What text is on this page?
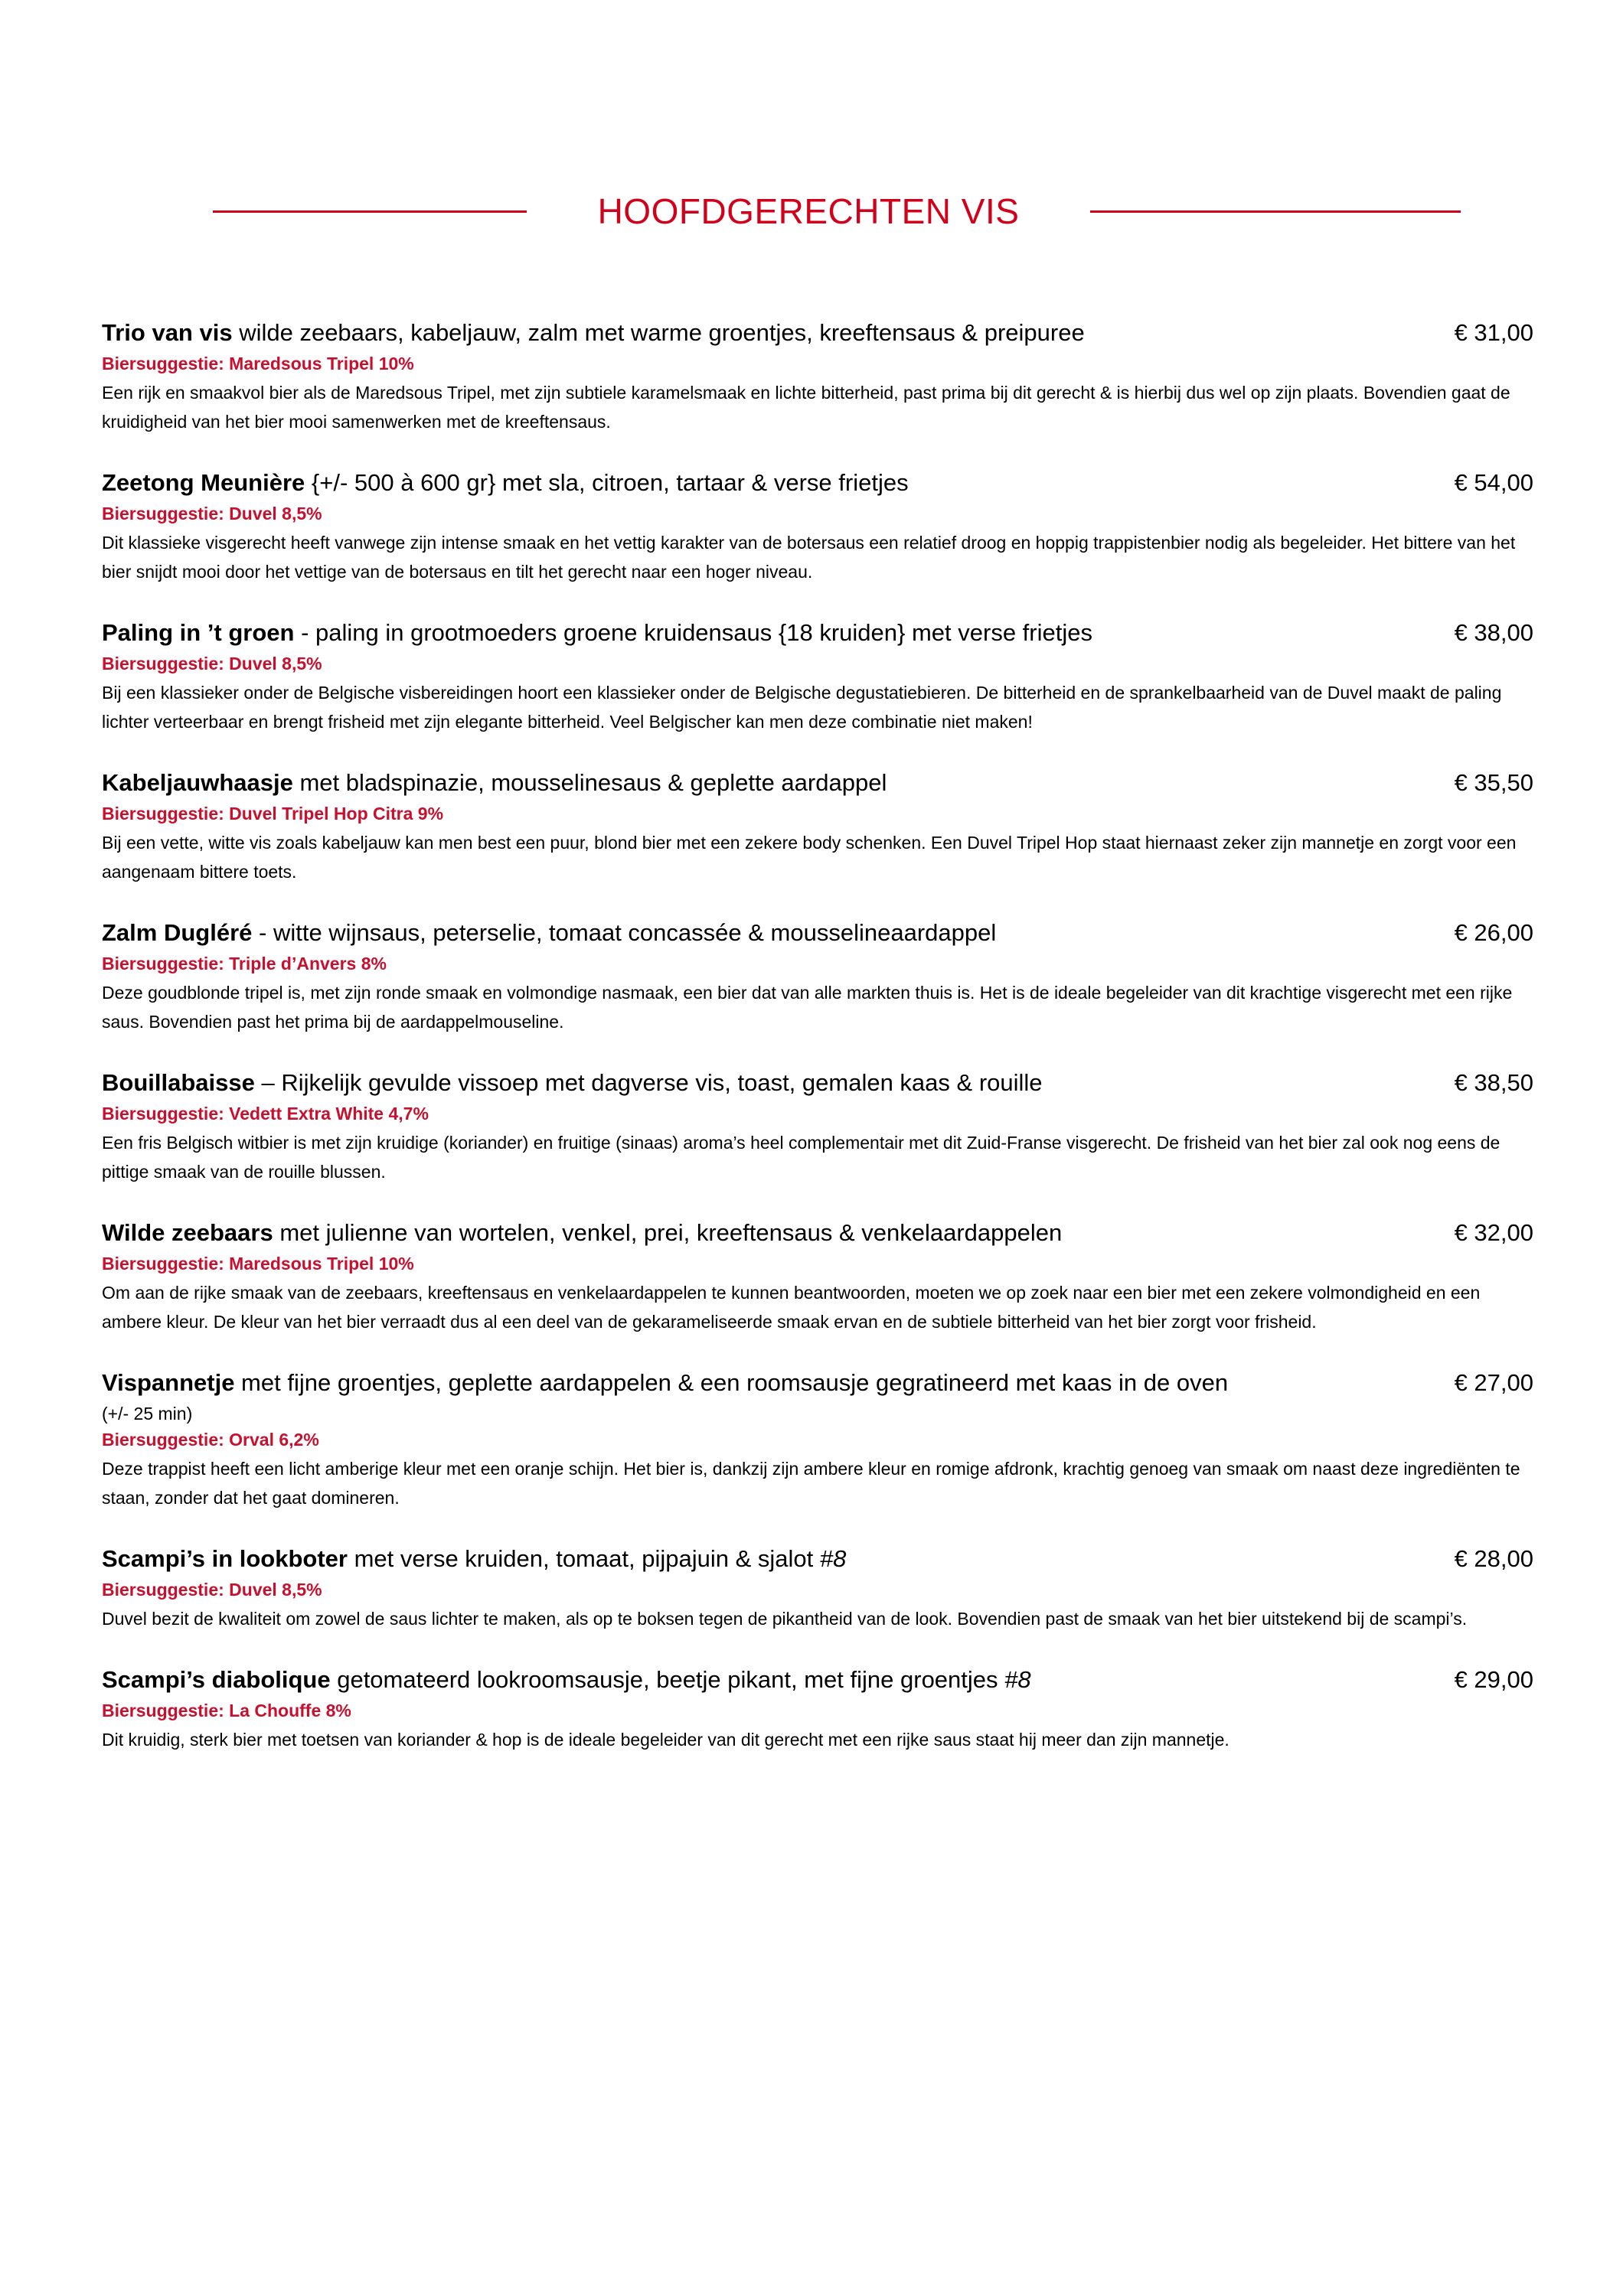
HOOFDGERECHTEN VIS
Trio van vis wilde zeebaars, kabeljauw, zalm met warme groentjes, kreeftensaus & preipuree	€ 31,00
Biersuggestie: Maredsous Tripel 10%
Een rijk en smaakvol bier als de Maredsous Tripel, met zijn subtiele karamelsmaak en lichte bitterheid, past prima bij dit gerecht & is hierbij dus wel op zijn plaats. Bovendien gaat de kruidigheid van het bier mooi samenwerken met de kreeftensaus.
Zeetong Meunière {+/- 500 à 600 gr} met sla, citroen, tartaar & verse frietjes	€ 54,00
Biersuggestie: Duvel 8,5%
Dit klassieke visgerecht heeft vanwege zijn intense smaak en het vettig karakter van de botersaus een relatief droog en hoppig trappistenbier nodig als begeleider. Het bittere van het bier snijdt mooi door het vettige van de botersaus en tilt het gerecht naar een hoger niveau.
Paling in ’t groen - paling in grootmoeders groene kruidensaus {18 kruiden} met verse frietjes	€ 38,00
Biersuggestie: Duvel 8,5%
Bij een klassieker onder de Belgische visbereidingen hoort een klassieker onder de Belgische degustatiebieren. De bitterheid en de sprankelbaarheid van de Duvel maakt de paling lichter verteerbaar en brengt frisheid met zijn elegante bitterheid. Veel Belgischer kan men deze combinatie niet maken!
Kabeljauwhaasje met bladspinazie, mousselinesaus & geplette aardappel	€ 35,50
Biersuggestie: Duvel Tripel Hop Citra 9%
Bij een vette, witte vis zoals kabeljauw kan men best een puur, blond bier met een zekere body schenken. Een Duvel Tripel Hop staat hiernaast zeker zijn mannetje en zorgt voor een aangenaam bittere toets.
Zalm Dugléré - witte wijnsaus, peterselie, tomaat concassée & mousselineaardappel	€ 26,00
Biersuggestie: Triple d’Anvers 8%
Deze goudblonde tripel is, met zijn ronde smaak en volmondige nasmaak, een bier dat van alle markten thuis is. Het is de ideale begeleider van dit krachtige visgerecht met een rijke saus. Bovendien past het prima bij de aardappelmouseline.
Bouillabaisse – Rijkelijk gevulde vissoep met dagverse vis, toast, gemalen kaas & rouille	€ 38,50
Biersuggestie: Vedett Extra White 4,7%
Een fris Belgisch witbier is met zijn kruidige (koriander) en fruitige (sinaas) aroma’s heel complementair met dit Zuid-Franse visgerecht. De frisheid van het bier zal ook nog eens de pittige smaak van de rouille blussen.
Wilde zeebaars met julienne van wortelen, venkel, prei, kreeftensaus & venkelaardappelen	€ 32,00
Biersuggestie: Maredsous Tripel 10%
Om aan de rijke smaak van de zeebaars, kreeftensaus en venkelaardappelen te kunnen beantwoorden, moeten we op zoek naar een bier met een zekere volmondigheid en een ambere kleur. De kleur van het bier verraadt dus al een deel van de gekarameliseerde smaak ervan en de subtiele bitterheid van het bier zorgt voor frisheid.
Vispannetje met fijne groentjes, geplette aardappelen & een roomsausje gegratineerd met kaas in de oven	€ 27,00
(+/- 25 min)
Biersuggestie: Orval 6,2%
Deze trappist heeft een licht amberige kleur met een oranje schijn. Het bier is, dankzij zijn ambere kleur en romige afdronk, krachtig genoeg van smaak om naast deze ingrediënten te staan, zonder dat het gaat domineren.
Scampi’s in lookboter met verse kruiden, tomaat, pijpajuin & sjalot #8	€ 28,00
Biersuggestie: Duvel 8,5%
Duvel bezit de kwaliteit om zowel de saus lichter te maken, als op te boksen tegen de pikantheid van de look. Bovendien past de smaak van het bier uitstekend bij de scampi’s.
Scampi’s diabolique getomateerd lookroomsausje, beetje pikant, met fijne groentjes #8	€ 29,00
Biersuggestie: La Chouffe 8%
Dit kruidig, sterk bier met toetsen van koriander & hop is de ideale begeleider van dit gerecht met een rijke saus staat hij meer dan zijn mannetje.
